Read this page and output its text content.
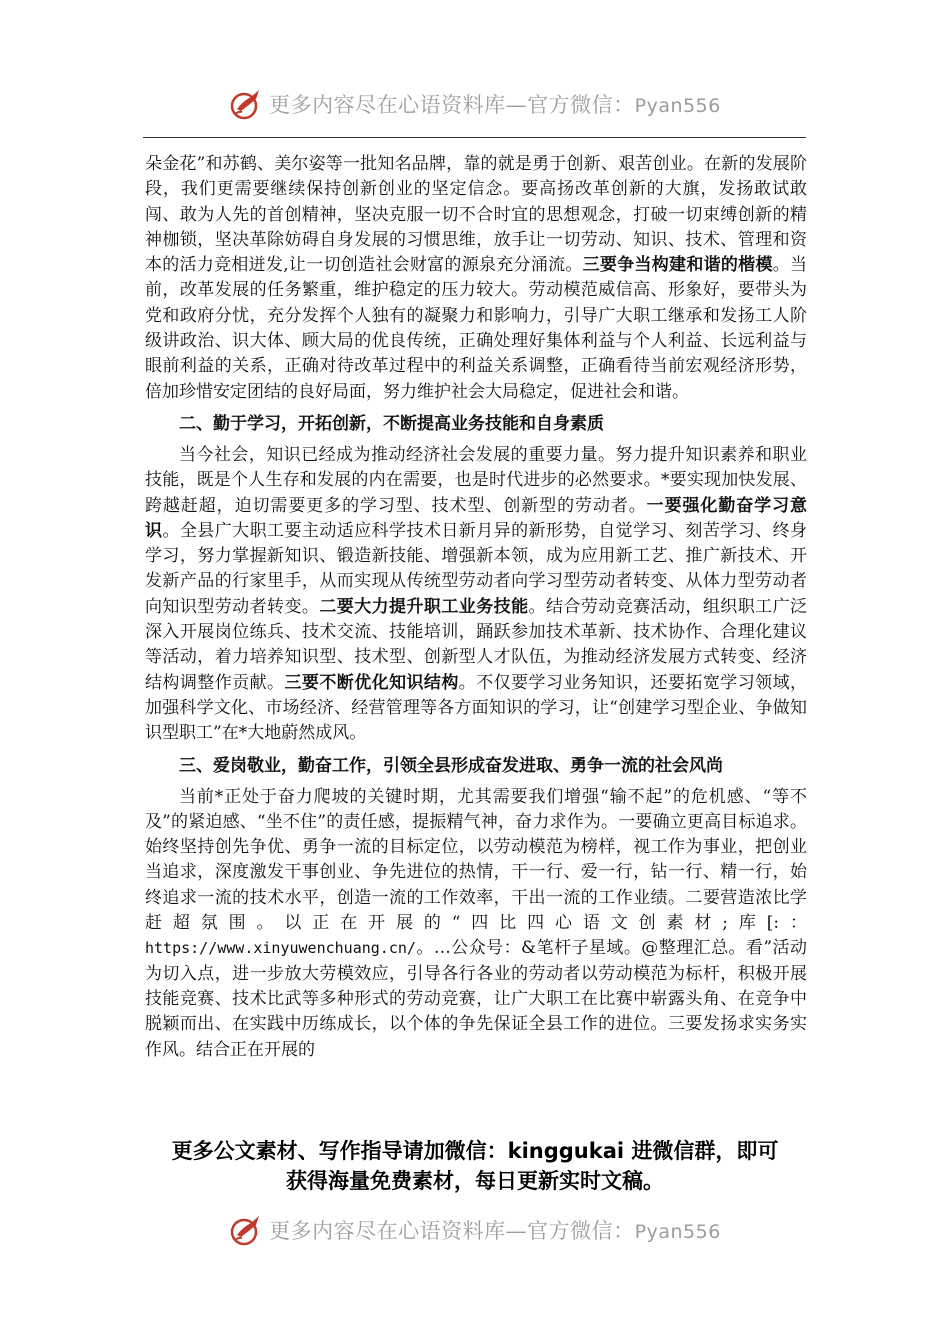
更多内容尽在心语资料库—官方微信：Pyan556

朵金花”和苏鹤、美尔姿等一批知名品牌，靠的就是勇于创新、艰苦创业。在新的发展阶段，我们更需要继续保持创新创业的坚定信念。要高扬改革创新的大旗，发扬敢试敢闯、敢为人先的首创精神，坚决克服一切不合时宜的思想观念，打破一切束缚创新的精神枷锁，坚决革除妨碍自身发展的习惯思维，放手让一切劳动、知识、技术、管理和资本的活力竞相迸发,让一切创造社会财富的源泉充分涌流。三要争当构建和谐的楷模。当前，改革发展的任务繁重，维护稳定的压力较大。劳动模范威信高、形象好，要带头为党和政府分忧，充分发挥个人独有的凝聚力和影响力，引导广大职工继承和发扬工人阶级讲政治、识大体、顾大局的优良传统，正确处理好集体利益与个人利益、长远利益与眼前利益的关系，正确对待改革过程中的利益关系调整，正确看待当前宏观经济形势，倍加珍惜安定团结的良好局面，努力维护社会大局稳定，促进社会和谐。

二、勤于学习，开拓创新，不断提高业务技能和自身素质

当今社会，知识已经成为推动经济社会发展的重要力量。努力提升知识素养和职业技能，既是个人生存和发展的内在需要，也是时代进步的必然要求。*要实现加快发展、跨越赶超，迫切需要更多的学习型、技术型、创新型的劳动者。一要强化勤奋学习意识。全县广大职工要主动适应科学技术日新月异的新形势，自觉学习、刻苦学习、终身学习，努力掌握新知识、锻造新技能、增强新本领，成为应用新工艺、推广新技术、开发新产品的行家里手，从而实现从传统型劳动者向学习型劳动者转变、从体力型劳动者向知识型劳动者转变。二要大力提升职工业务技能。结合劳动竞赛活动，组织职工广泛深入开展岗位练兵、技术交流、技能培训，踊跃参加技术革新、技术协作、合理化建议等活动，着力培养知识型、技术型、创新型人才队伍，为推动经济发展方式转变、经济结构调整作贡献。三要不断优化知识结构。不仅要学习业务知识，还要拓宽学习领域，加强科学文化、市场经济、经营管理等各方面知识的学习，让“创建学习型企业、争做知识型职工”在*大地蔚然成风。

三、爱岗敬业，勤奋工作，引领全县形成奋发进取、勇争一流的社会风尚

当前*正处于奋力爬坡的关键时期，尤其需要我们增强“输不起”的危机感、“等不及”的紧迫感、“坐不住”的责任感，提振精气神，奋力求作为。一要确立更高目标追求。始终坚持创先争优、勇争一流的目标定位，以劳动模范为榜样，视工作为事业，把创业当追求，深度激发干事创业、争先进位的热情，干一行、爱一行，钻一行、精一行，始终追求一流的技术水平，创造一流的工作效率，干出一流的工作业绩。二要营造浓比学赶超氛围。以正在开展的“四比四心语文创素材;库[:：https://www.xinyuwenchuang.cn/。…公众号：&笔杆子星域。@整理汇总。看”活动为切入点，进一步放大劳模效应，引导各行各业的劳动者以劳动模范为标杆，积极开展技能竞赛、技术比武等多种形式的劳动竞赛，让广大职工在比赛中崭露头角、在竞争中脱颖而出、在实践中历练成长，以个体的争先保证全县工作的进位。三要发扬求实务实作风。结合正在开展的

更多公文素材、写作指导请加微信：kinggukai 进微信群，即可
获得海量免费素材，每日更新实时文稿。
更多内容尽在心语资料库—官方微信：Pyan556
